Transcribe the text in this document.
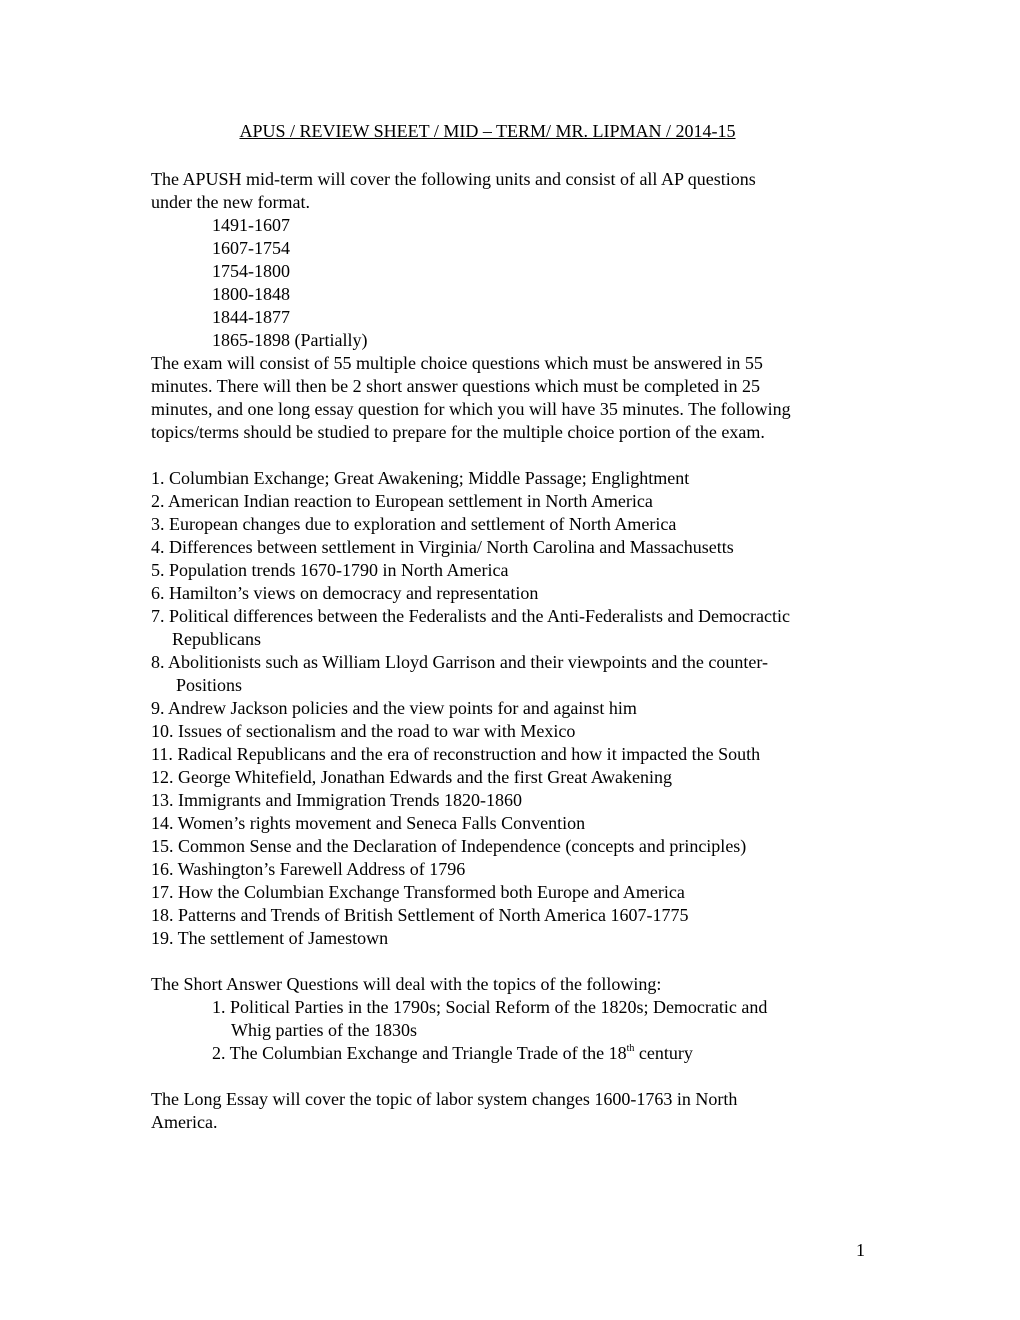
APUS / REVIEW SHEET / MID – TERM/ MR. LIPMAN / 2014-15
The APUSH mid-term will cover the following units and consist of all AP questions
under the new format.
1491-1607
1607-1754
1754-1800
1800-1848
1844-1877
1865-1898 (Partially)
The exam will consist of 55 multiple choice questions which must be answered in 55
minutes. There will then be 2 short answer questions which must be completed in 25
minutes, and one long essay question for which you will have 35 minutes. The following
topics/terms should be studied to prepare for the multiple choice portion of the exam.
1. Columbian Exchange; Great Awakening; Middle Passage; Englightment
2. American Indian reaction to European settlement in North America
3. European changes due to exploration and settlement of North America
4. Differences between settlement in Virginia/ North Carolina and Massachusetts
5. Population trends 1670-1790 in North America
6. Hamilton’s views on democracy and representation
7. Political differences between the Federalists and the Anti-Federalists and Democractic
Republicans
8. Abolitionists such as William Lloyd Garrison and their viewpoints and the counter-
Positions
9. Andrew Jackson policies and the view points for and against him
10. Issues of sectionalism and the road to war with Mexico
11. Radical Republicans and the era of reconstruction and how it impacted the South
12. George Whitefield, Jonathan Edwards and the first Great Awakening
13. Immigrants and Immigration Trends 1820-1860
14. Women’s rights movement and Seneca Falls Convention
15. Common Sense and the Declaration of Independence (concepts and principles)
16. Washington’s Farewell Address of 1796
17. How the Columbian Exchange Transformed both Europe and America
18. Patterns and Trends of British Settlement of North America 1607-1775
19. The settlement of Jamestown
The Short Answer Questions will deal with the topics of the following:
1. Political Parties in the 1790s; Social Reform of the 1820s; Democratic and
Whig parties of the 1830s
2. The Columbian Exchange and Triangle Trade of the 18th century
The Long Essay will cover the topic of labor system changes 1600-1763 in North
America.
1
